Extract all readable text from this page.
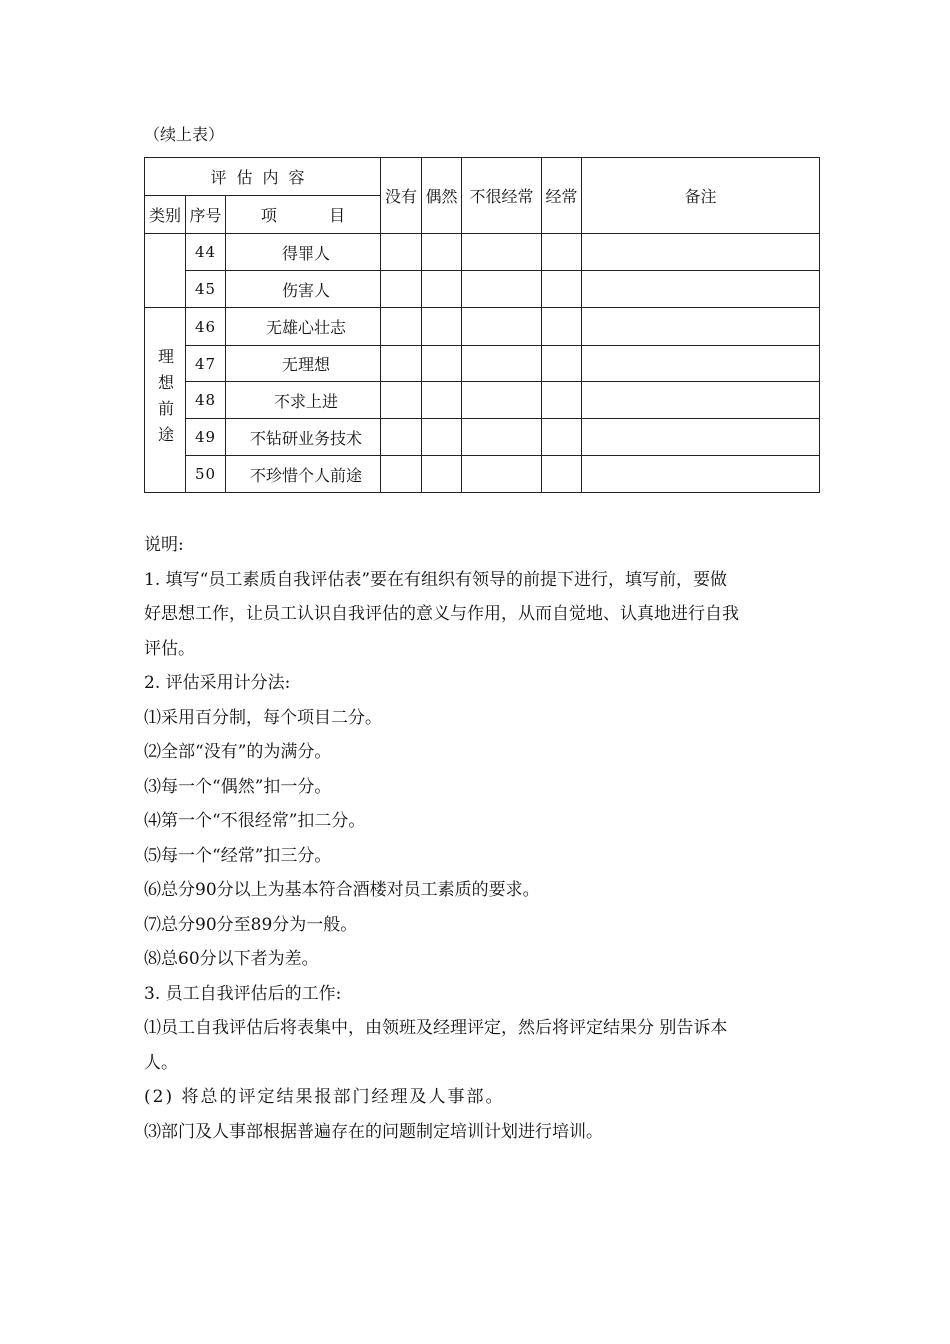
（续上表）
评估内容			没有	偶然	不很经常	经常	备注
类别	序号	项 目					
	44	得罪人					
	45	伤害人					

理想前途	46	无雄心壮志					
	47	无理想					
	48	不求上进					
	49	不钻研业务技术					
	50	不珍惜个人前途					

说明:

1. 填写“员工素质自我评估表”要在有组织有领导的前提下进行，填写前，要做

好思想工作，让员工认识自我评估的意义与作用，从而自觉地、认真地进行自我

评估。

2. 评估采用计分法:

⑴采用百分制，每个项目二分。

⑵全部“没有”的为满分。

⑶每一个“偶然”扣一分。

⑷第一个“不很经常”扣二分。

⑸每一个“经常”扣三分。

⑹总分90分以上为基本符合酒楼对员工素质的要求。

⑺总分90分至89分为一般。

⑻总60分以下者为差。

3. 员工自我评估后的工作:

⑴员工自我评估后将表集中，由领班及经理评定，然后将评定结果分 别告诉本

人。

(2) 将总的评定结果报部门经理及人事部。

⑶部门及人事部根据普遍存在的问题制定培训计划进行培训。
